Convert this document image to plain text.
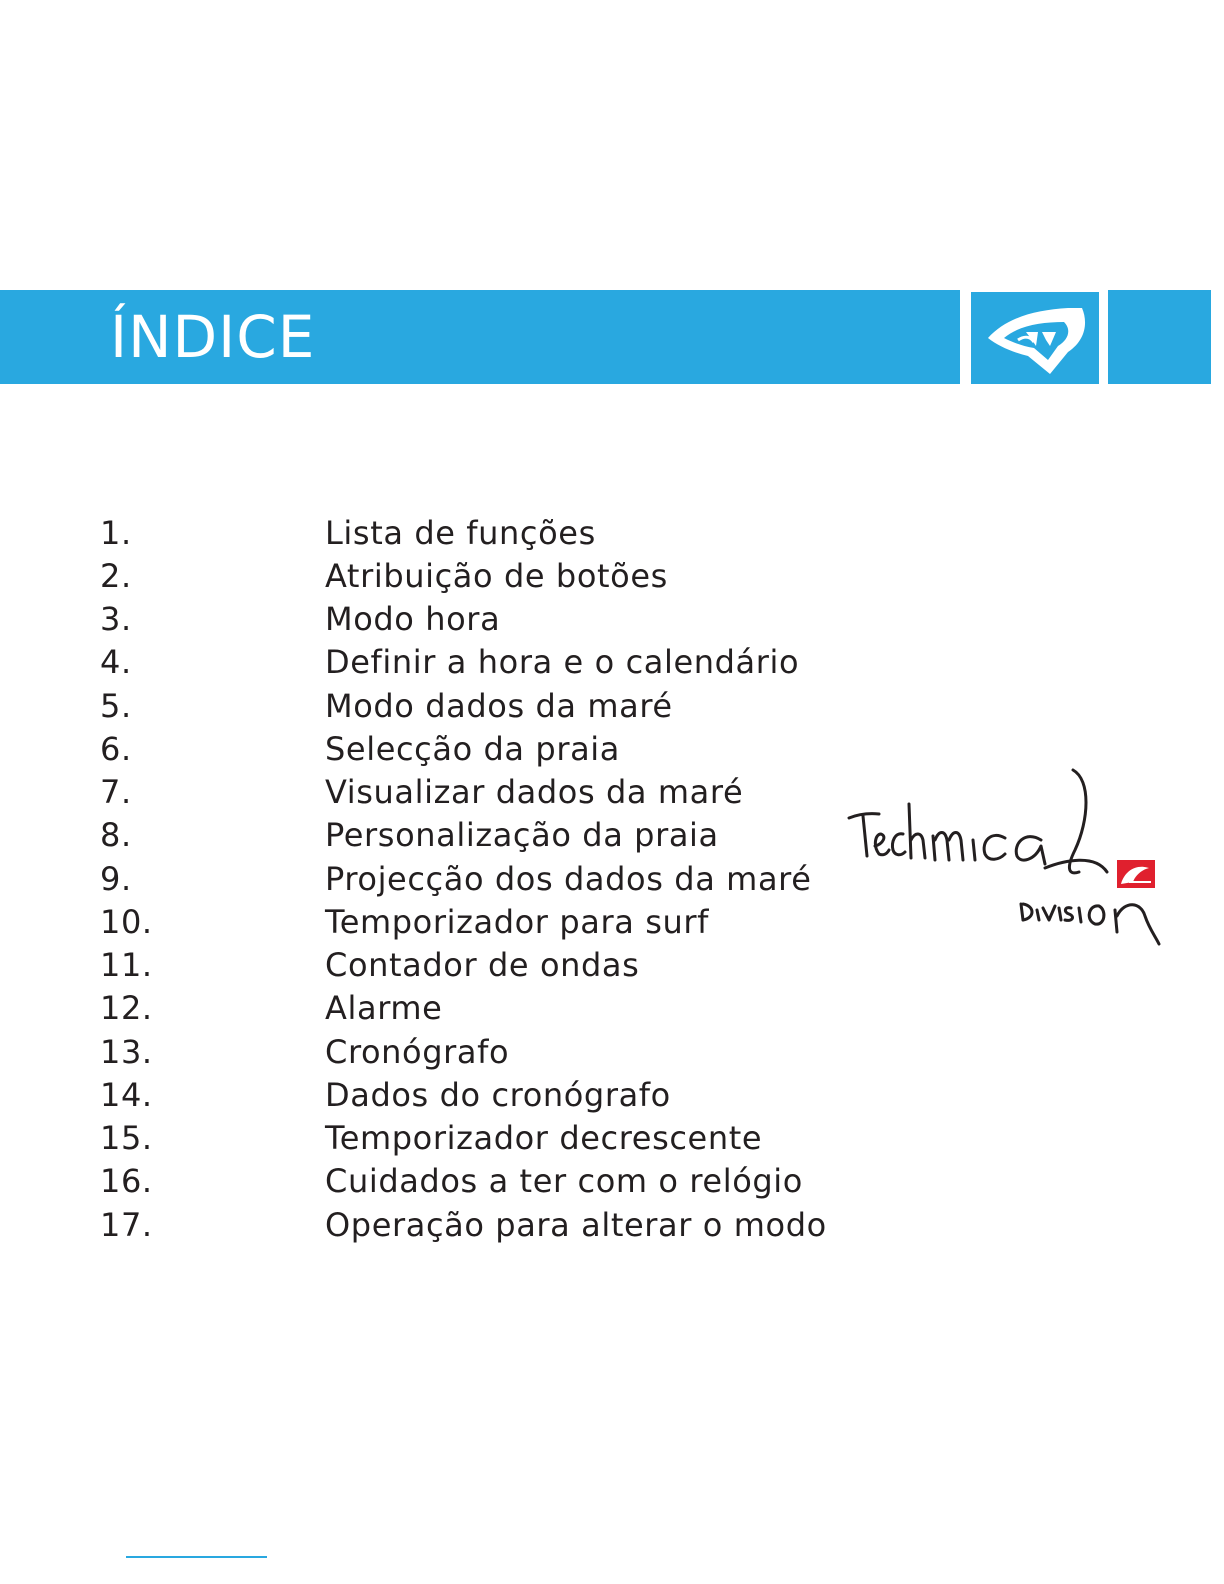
ÍNDICE
1.	Lista de funções
2.	Atribuição de botões
3.	Modo hora
4.	Definir a hora e o calendário
5.	Modo dados da maré
6.	Selecção da praia
7.	Visualizar dados da maré
8.	Personalização da praia
9.	Projecção dos dados da maré
10.	Temporizador para surf
11.	Contador de ondas
12.	Alarme
13.	Cronógrafo
14.	Dados do cronógrafo
15.	Temporizador decrescente
16.	Cuidados a ter com o relógio
17.	Operação para alterar o modo
